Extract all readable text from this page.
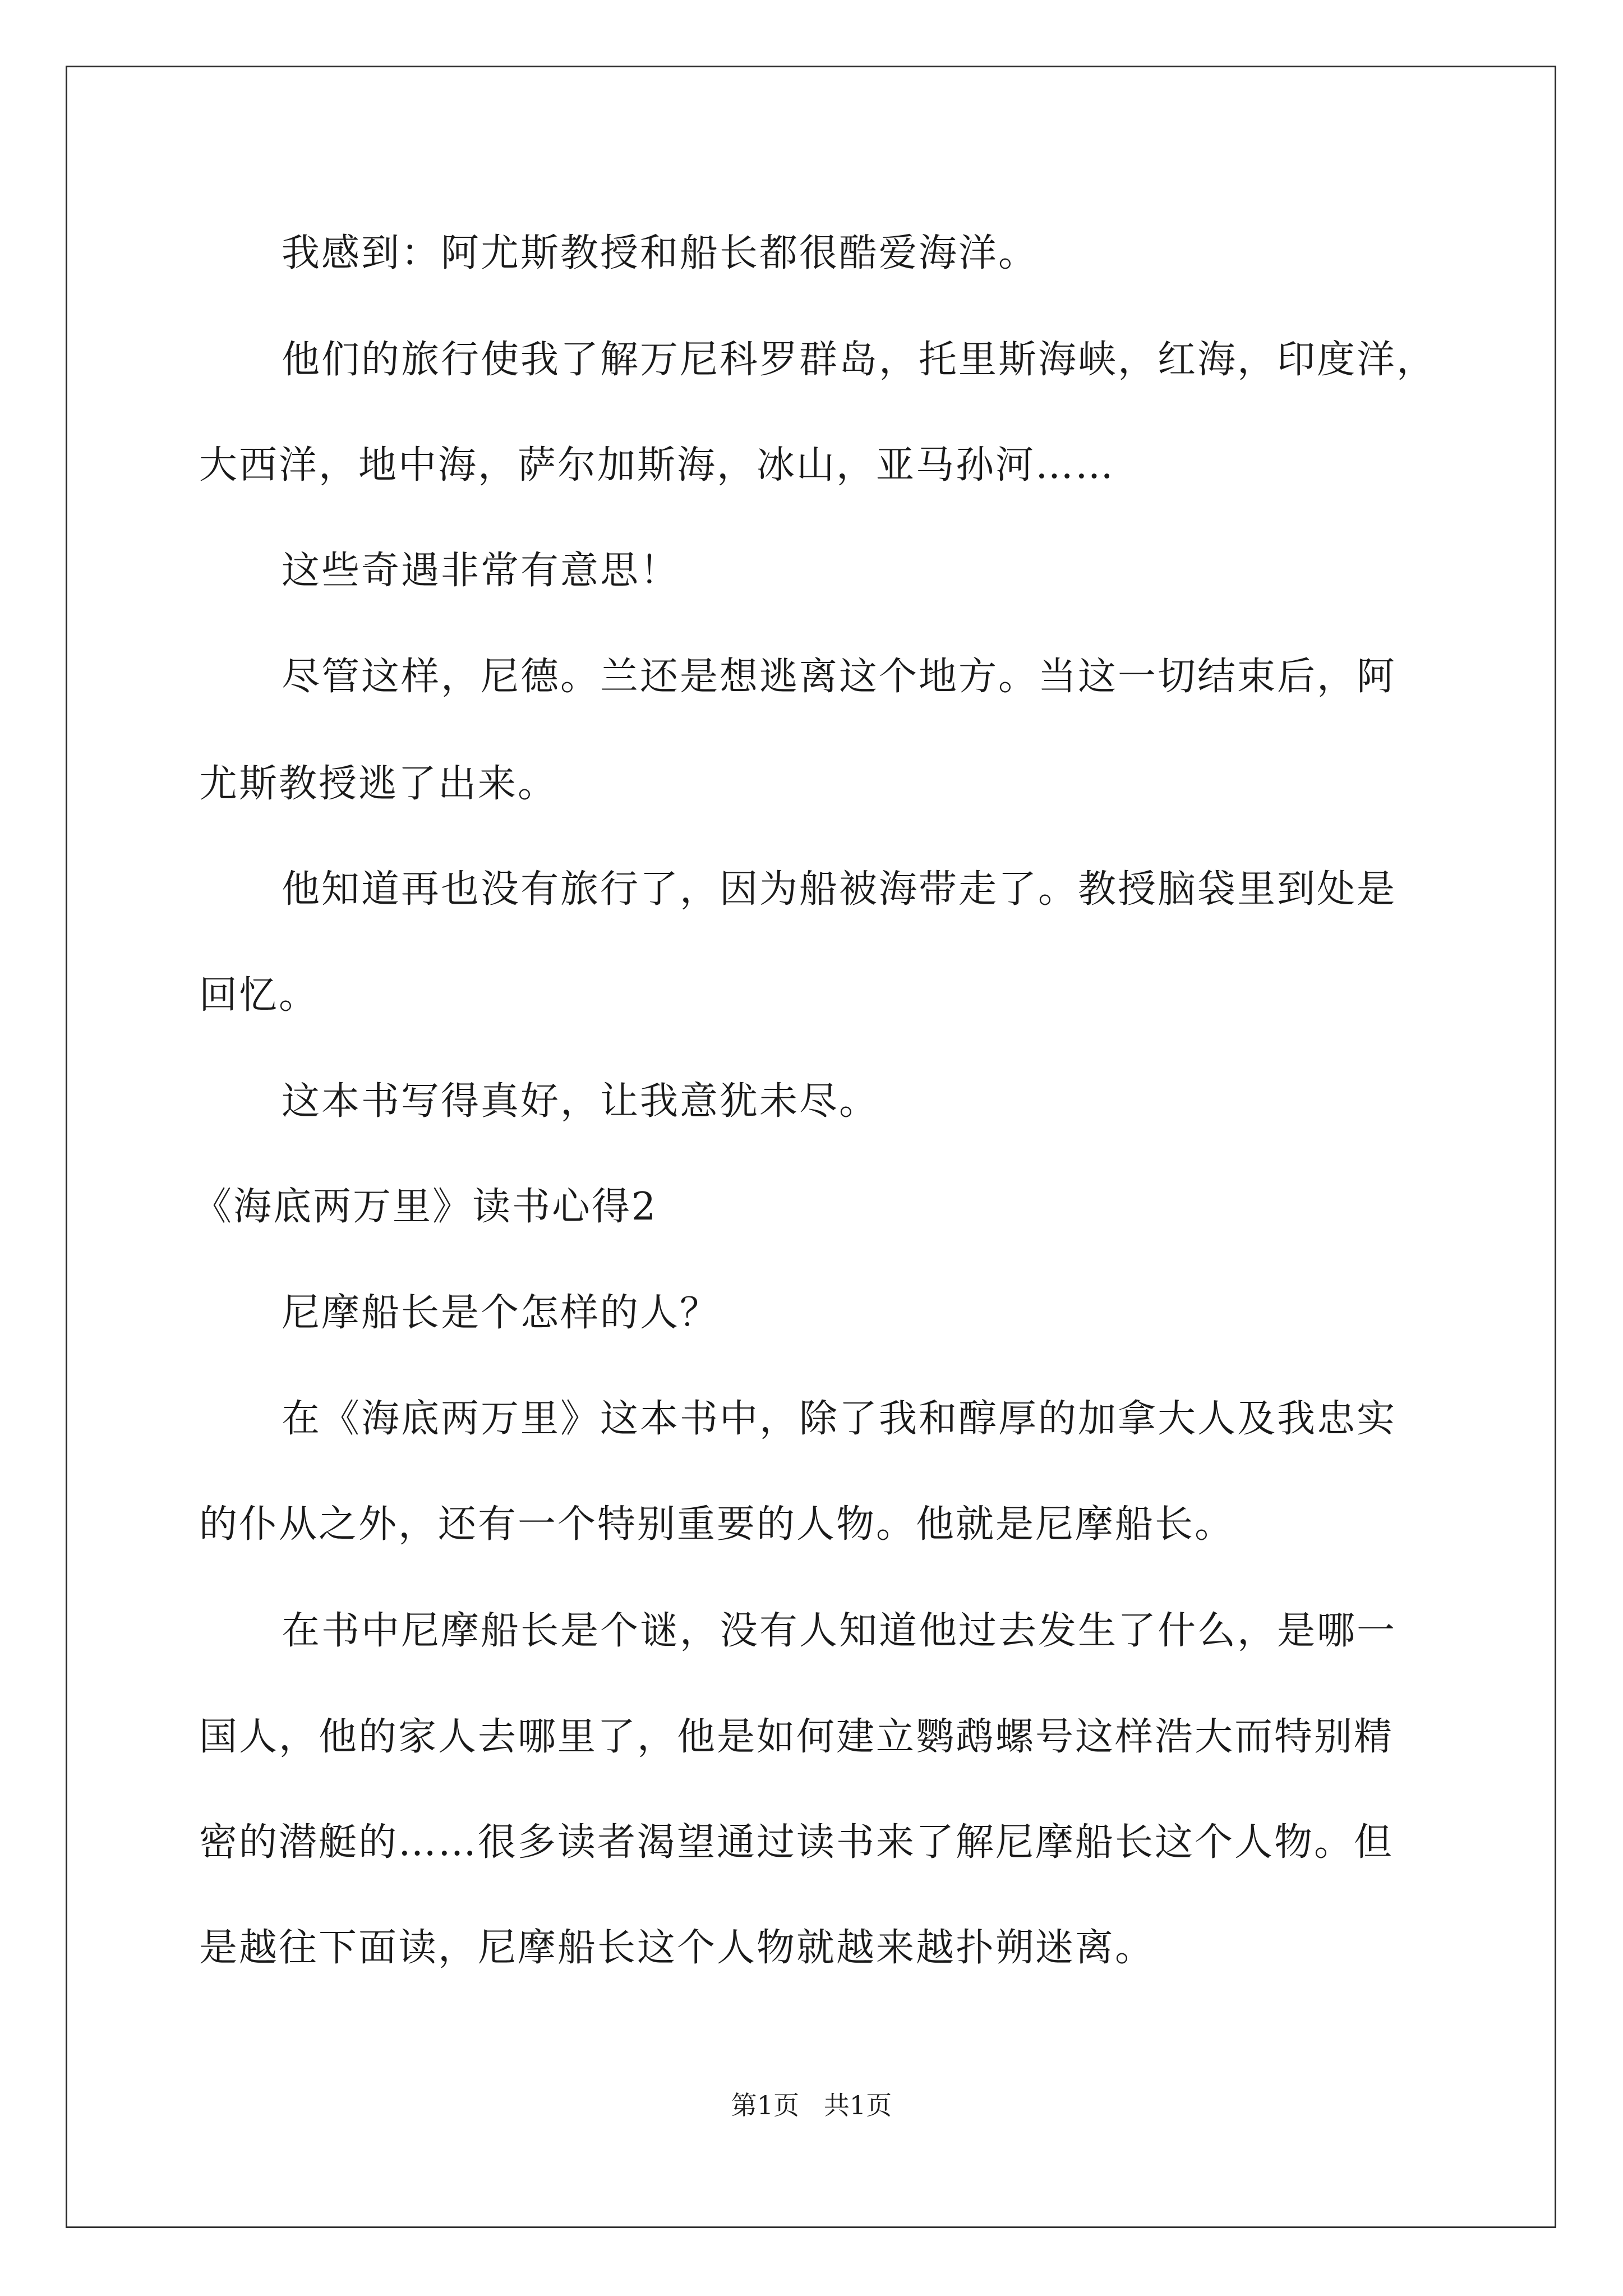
我感到：阿尤斯教授和船长都很酷爱海洋。
他们的旅行使我了解万尼科罗群岛，托里斯海峡，红海，印度洋，
大西洋，地中海，萨尔加斯海，冰山，亚马孙河……
这些奇遇非常有意思！
尽管这样，尼德。兰还是想逃离这个地方。当这一切结束后，阿
尤斯教授逃了出来。
他知道再也没有旅行了，因为船被海带走了。教授脑袋里到处是
回忆。
这本书写得真好，让我意犹未尽。
《海底两万里》读书心得2
尼摩船长是个怎样的人？
在《海底两万里》这本书中，除了我和醇厚的加拿大人及我忠实
的仆从之外，还有一个特别重要的人物。他就是尼摩船长。
在书中尼摩船长是个谜，没有人知道他过去发生了什么，是哪一
国人，他的家人去哪里了，他是如何建立鹦鹉螺号这样浩大而特别精
密的潜艇的……很多读者渴望通过读书来了解尼摩船长这个人物。但
是越往下面读，尼摩船长这个人物就越来越扑朔迷离。
第1页   共1页
